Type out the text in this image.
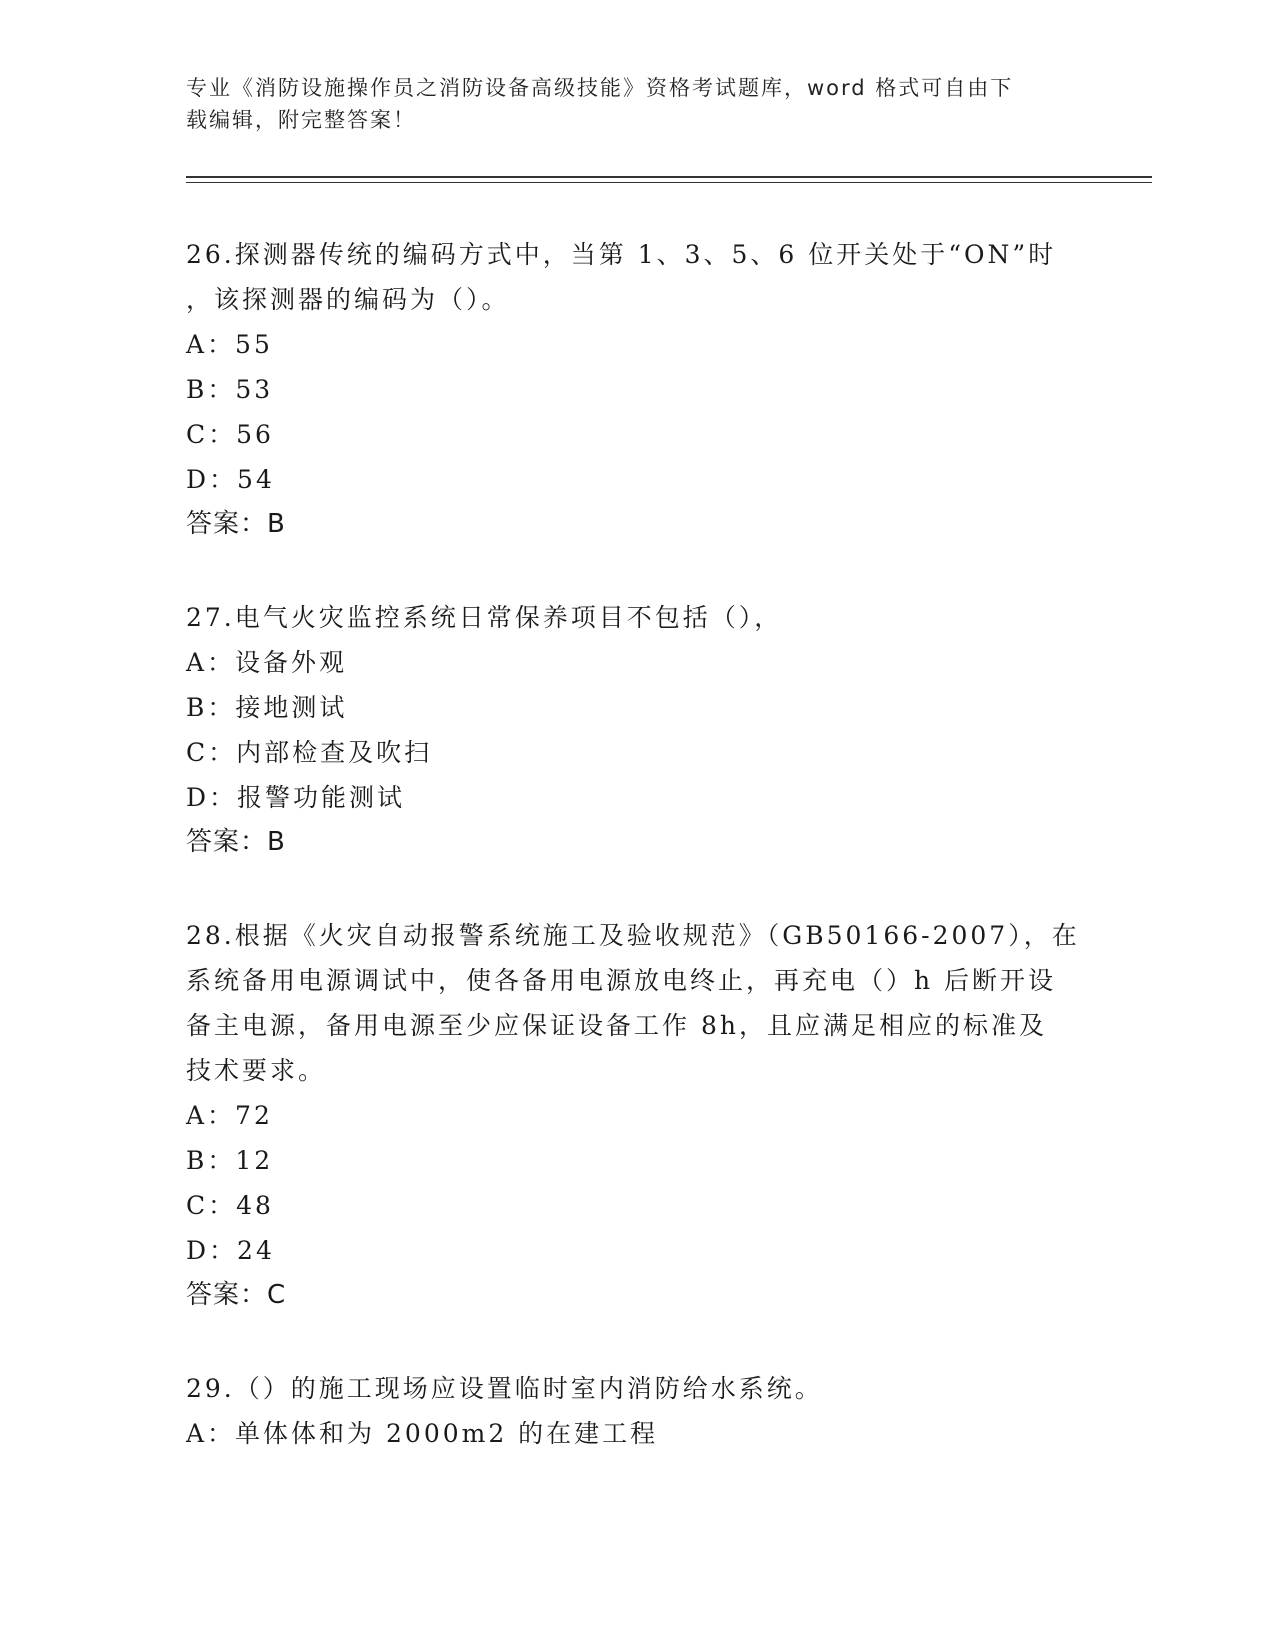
专业《消防设施操作员之消防设备高级技能》资格考试题库，word 格式可自由下
载编辑，附完整答案！
26.探测器传统的编码方式中，当第 1、3、5、6 位开关处于“ON”时
，该探测器的编码为（）。
A：55
B：53
C：56
D：54
答案：B
27.电气火灾监控系统日常保养项目不包括（），
A：设备外观
B：接地测试
C：内部检查及吹扫
D：报警功能测试
答案：B
28.根据《火灾自动报警系统施工及验收规范》（GB50166-2007），在
系统备用电源调试中，使各备用电源放电终止，再充电（）h 后断开设
备主电源，备用电源至少应保证设备工作 8h，且应满足相应的标准及
技术要求。
A：72
B：12
C：48
D：24
答案：C
29.（）的施工现场应设置临时室内消防给水系统。
A：单体体和为 2000m2 的在建工程
